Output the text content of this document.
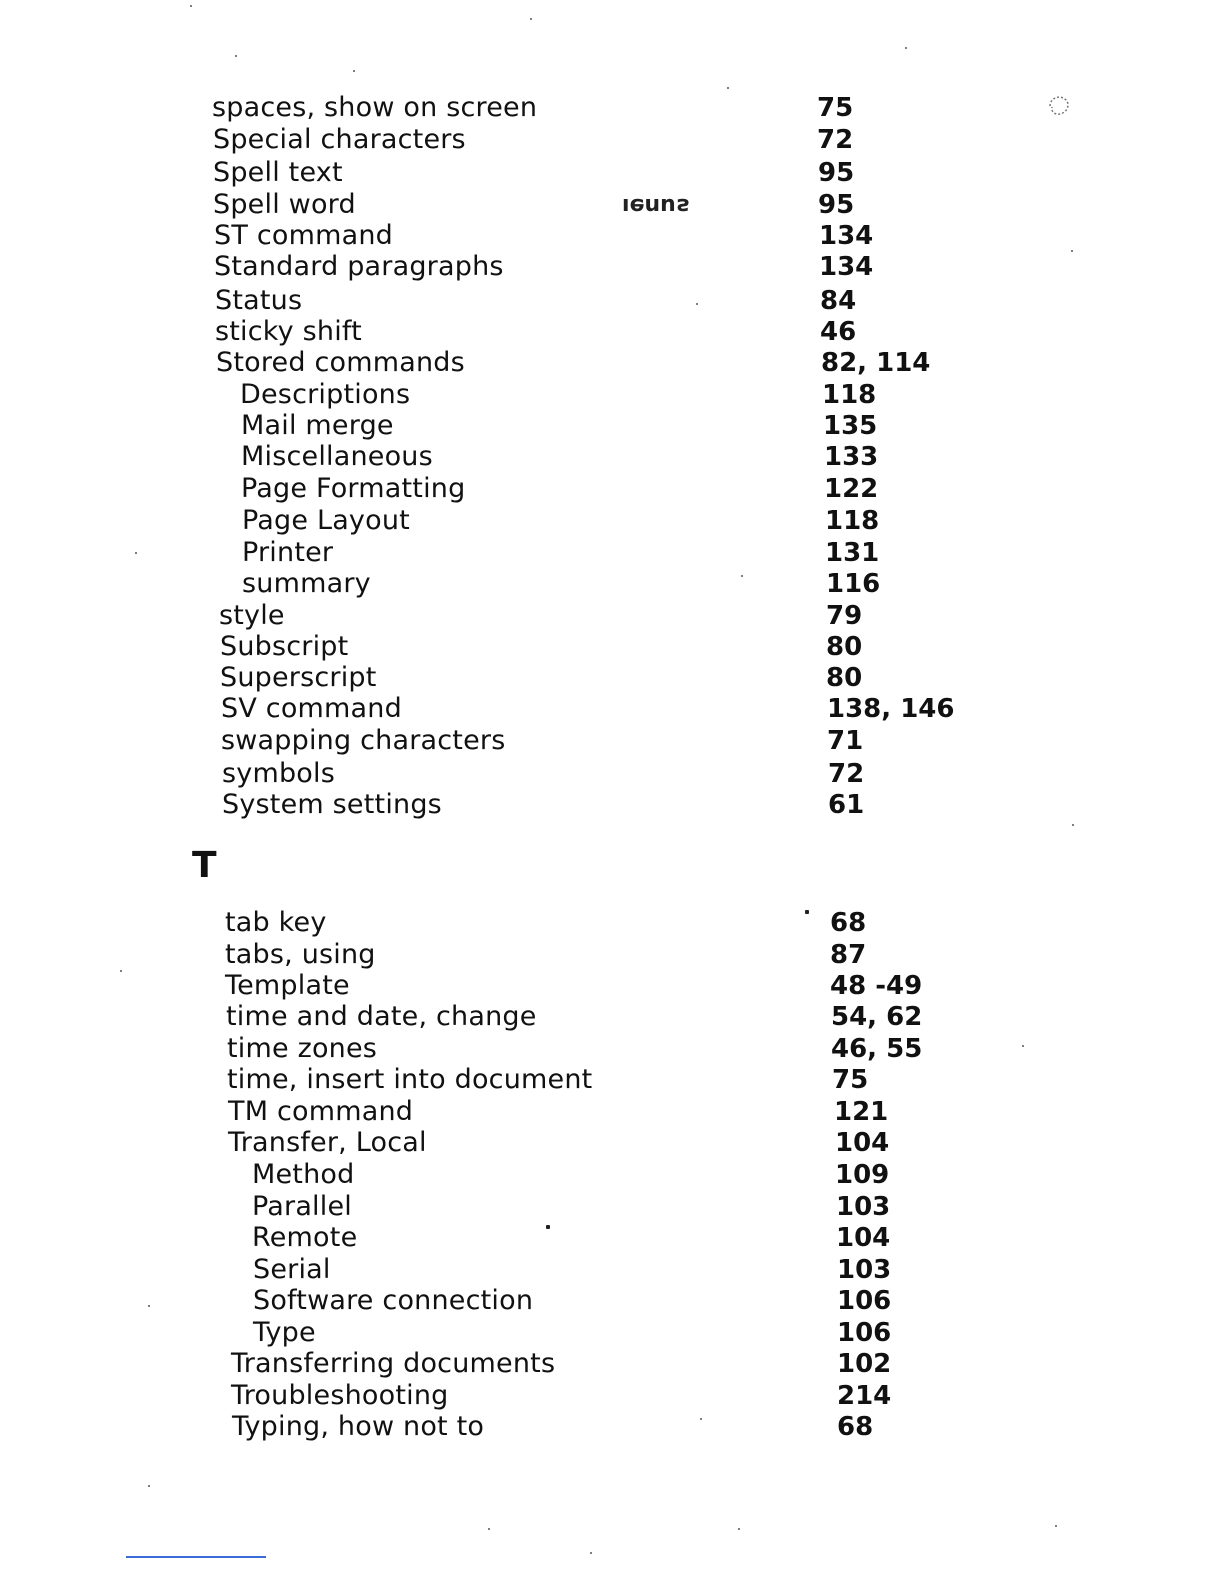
spaces, show on screen	75
Special characters	72
Spell text	95
Spell word	95
ST command	134
Standard paragraphs	134
Status	84
sticky shift	46
Stored commands	82, 114
Descriptions	118
Mail merge	135
Miscellaneous	133
Page Formatting	122
Page Layout	118
Printer	131
summary	116
style	79
Subscript	80
Superscript	80
SV command	138, 146
swapping characters	71
symbols	72
System settings	61
T
tab key	68
tabs, using	87
Template	48 -49
time and date, change	54, 62
time zones	46, 55
time, insert into document	75
TM command	121
Transfer, Local	104
Method	109
Parallel	103
Remote	104
Serial	103
Software connection	106
Type	106
Transferring documents	102
Troubleshooting	214
Typing, how not to	68
ƨunɘı
